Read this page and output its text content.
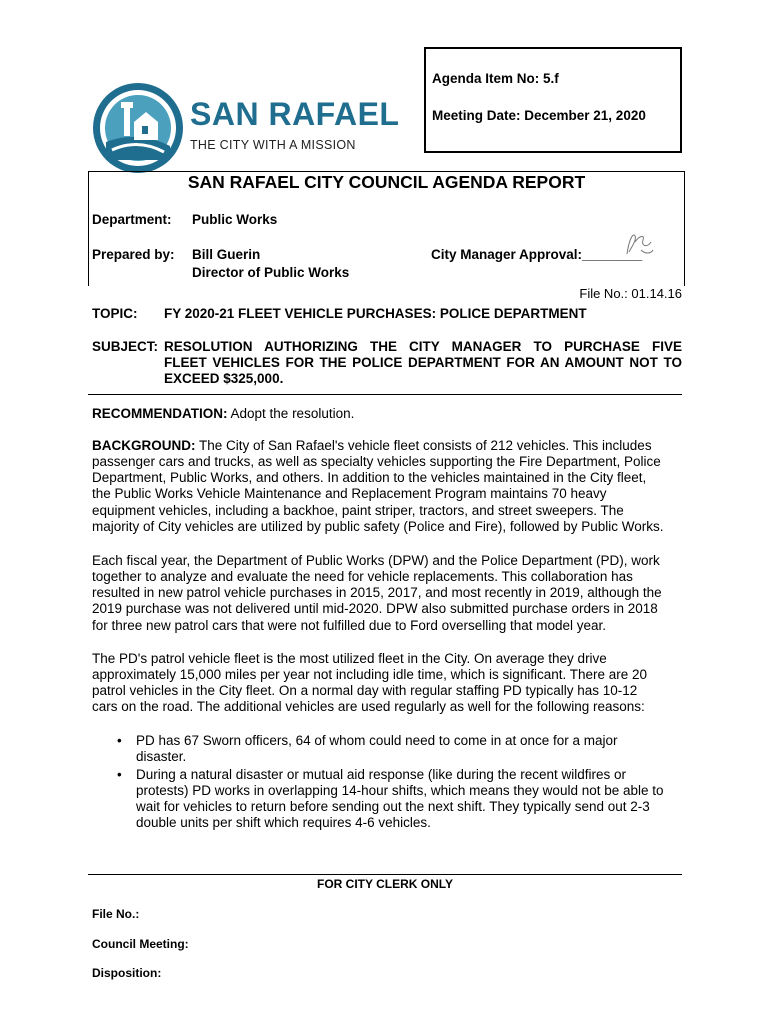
Agenda Item No: 5.f
Meeting Date: December 21, 2020
SAN RAFAEL
THE CITY WITH A MISSION
SAN RAFAEL CITY COUNCIL AGENDA REPORT
Department: Public Works
Prepared by: Bill Guerin
Director of Public Works
City Manager Approval:________
File No.: 01.14.16
TOPIC: FY 2020-21 FLEET VEHICLE PURCHASES: POLICE DEPARTMENT
SUBJECT: RESOLUTION AUTHORIZING THE CITY MANAGER TO PURCHASE FIVE
FLEET VEHICLES FOR THE POLICE DEPARTMENT FOR AN AMOUNT NOT TO
EXCEED $325,000.
RECOMMENDATION: Adopt the resolution.
BACKGROUND: The City of San Rafael's vehicle fleet consists of 212 vehicles. This includes
passenger cars and trucks, as well as specialty vehicles supporting the Fire Department, Police
Department, Public Works, and others. In addition to the vehicles maintained in the City fleet,
the Public Works Vehicle Maintenance and Replacement Program maintains 70 heavy
equipment vehicles, including a backhoe, paint striper, tractors, and street sweepers. The
majority of City vehicles are utilized by public safety (Police and Fire), followed by Public Works.
Each fiscal year, the Department of Public Works (DPW) and the Police Department (PD), work
together to analyze and evaluate the need for vehicle replacements. This collaboration has
resulted in new patrol vehicle purchases in 2015, 2017, and most recently in 2019, although the
2019 purchase was not delivered until mid-2020. DPW also submitted purchase orders in 2018
for three new patrol cars that were not fulfilled due to Ford overselling that model year.
The PD's patrol vehicle fleet is the most utilized fleet in the City. On average they drive
approximately 15,000 miles per year not including idle time, which is significant. There are 20
patrol vehicles in the City fleet. On a normal day with regular staffing PD typically has 10-12
cars on the road. The additional vehicles are used regularly as well for the following reasons:
• PD has 67 Sworn officers, 64 of whom could need to come in at once for a major
disaster.
• During a natural disaster or mutual aid response (like during the recent wildfires or
protests) PD works in overlapping 14-hour shifts, which means they would not be able to
wait for vehicles to return before sending out the next shift. They typically send out 2-3
double units per shift which requires 4-6 vehicles.
FOR CITY CLERK ONLY
File No.:
Council Meeting:
Disposition:
